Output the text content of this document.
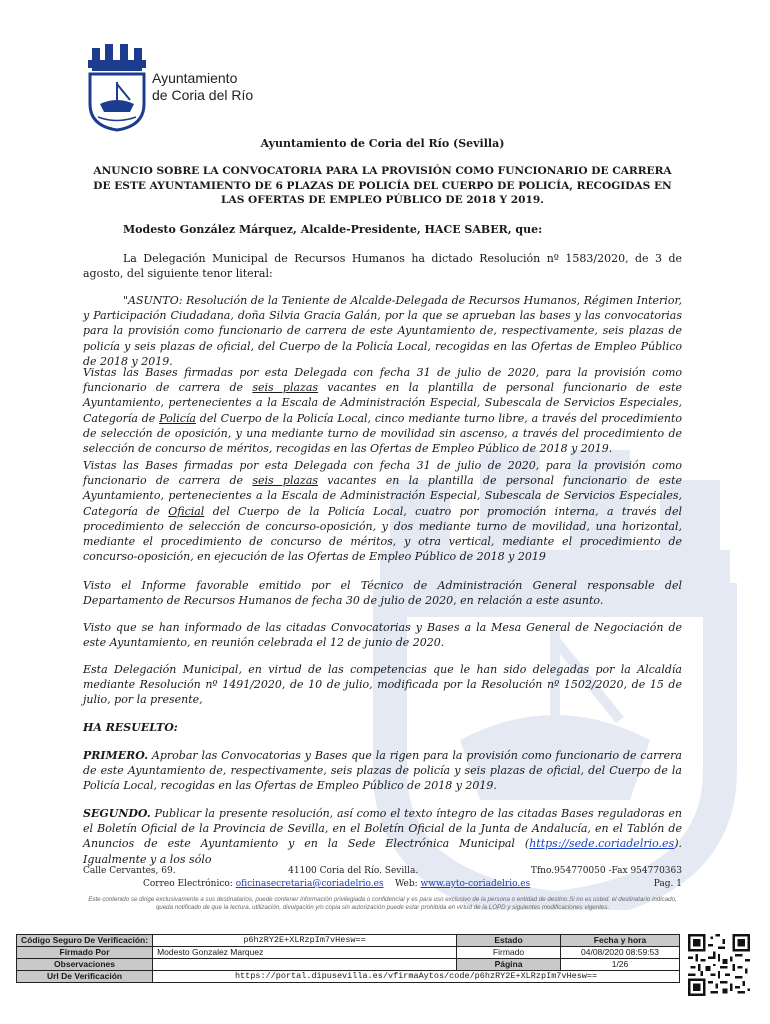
Ayuntamiento
de Coria del Río
Ayuntamiento de Coria del Río (Sevilla)
ANUNCIO SOBRE LA CONVOCATORIA PARA LA PROVISIÓN COMO FUNCIONARIO DE CARRERA DE ESTE AYUNTAMIENTO DE 6 PLAZAS DE POLICÍA DEL CUERPO DE POLICÍA, RECOGIDAS EN LAS OFERTAS DE EMPLEO PÚBLICO DE 2018 Y 2019.
Modesto González Márquez, Alcalde-Presidente, HACE SABER, que:
La Delegación Municipal de Recursos Humanos ha dictado Resolución nº 1583/2020, de 3 de agosto, del siguiente tenor literal:
"ASUNTO: Resolución de la Teniente de Alcalde-Delegada de Recursos Humanos, Régimen Interior, y Participación Ciudadana, doña Silvia Gracia Galán, por la que se aprueban las bases y las convocatorias para la provisión como funcionario de carrera de este Ayuntamiento de, respectivamente, seis plazas de policía y seis plazas de oficial, del Cuerpo de la Policía Local, recogidas en las Ofertas de Empleo Público de 2018 y 2019.
Vistas las Bases firmadas por esta Delegada con fecha 31 de julio de 2020, para la provisión como funcionario de carrera de seis plazas vacantes en la plantilla de personal funcionario de este Ayuntamiento, pertenecientes a la Escala de Administración Especial, Subescala de Servicios Especiales, Categoría de Policía del Cuerpo de la Policía Local, cinco mediante turno libre, a través del procedimiento de selección de oposición, y una mediante turno de movilidad sin ascenso, a través del procedimiento de selección de concurso de méritos, recogidas en las Ofertas de Empleo Público de 2018 y 2019.
Vistas las Bases firmadas por esta Delegada con fecha 31 de julio de 2020, para la provisión como funcionario de carrera de seis plazas vacantes en la plantilla de personal funcionario de este Ayuntamiento, pertenecientes a la Escala de Administración Especial, Subescala de Servicios Especiales, Categoría de Oficial del Cuerpo de la Policía Local, cuatro por promoción interna, a través del procedimiento de selección de concurso-oposición, y dos mediante turno de movilidad, una horizontal, mediante el procedimiento de concurso de méritos, y otra vertical, mediante el procedimiento de concurso-oposición, en ejecución de las Ofertas de Empleo Público de 2018 y 2019
Visto el Informe favorable emitido por el Técnico de Administración General responsable del Departamento de Recursos Humanos de fecha 30 de julio de 2020, en relación a este asunto.
Visto que se han informado de las citadas Convocatorias y Bases a la Mesa General de Negociación de este Ayuntamiento, en reunión celebrada el 12 de junio de 2020.
Esta Delegación Municipal, en virtud de las competencias que le han sido delegadas por la Alcaldía mediante Resolución nº 1491/2020, de 10 de julio, modificada por la Resolución nº 1502/2020, de 15 de julio, por la presente,
HA RESUELTO:
PRIMERO. Aprobar las Convocatorias y Bases que la rigen para la provisión como funcionario de carrera de este Ayuntamiento de, respectivamente, seis plazas de policía y seis plazas de oficial, del Cuerpo de la Policía Local, recogidas en las Ofertas de Empleo Público de 2018 y 2019.
SEGUNDO. Publicar la presente resolución, así como el texto íntegro de las citadas Bases reguladoras en el Boletín Oficial de la Provincia de Sevilla, en el Boletín Oficial de la Junta de Andalucía, en el Tablón de Anuncios de este Ayuntamiento y en la Sede Electrónica Municipal (https://sede.coriadelrio.es). Igualmente y a los sólo
Calle Cervantes, 69.	41100 Coria del Río. Sevilla.	Tfno.954770050 -Fax 954770363
Correo Electrónico: oficinasecretaria@coriadelrio.es Web: www.ayto-coriadelrio.es	Pag. 1
Este contenido se dirige exclusivamente a sus destinatarios, puede contener información privilegiada o confidencial y es para uso exclusivo de la persona o entidad de destino.Si no es usted. el destinatario indicado, queda notificado de que la lectura, utilización, divulgación y/o copia sin autorización puede estar prohibida en virtud de la LOPD y siguientes modificaciones vigentes.
Código Seguro De Verificación:	p6hzRY2E+XLRzpIm7vHesw==	Estado	Fecha y hora
Firmado Por	Modesto Gonzalez Marquez	Firmado	04/08/2020 08:59:53
Observaciones		Página	1/26
Url De Verificación	https://portal.dipusevilla.es/vfirmaAytos/code/p6hzRY2E+XLRzpIm7vHesw==		
